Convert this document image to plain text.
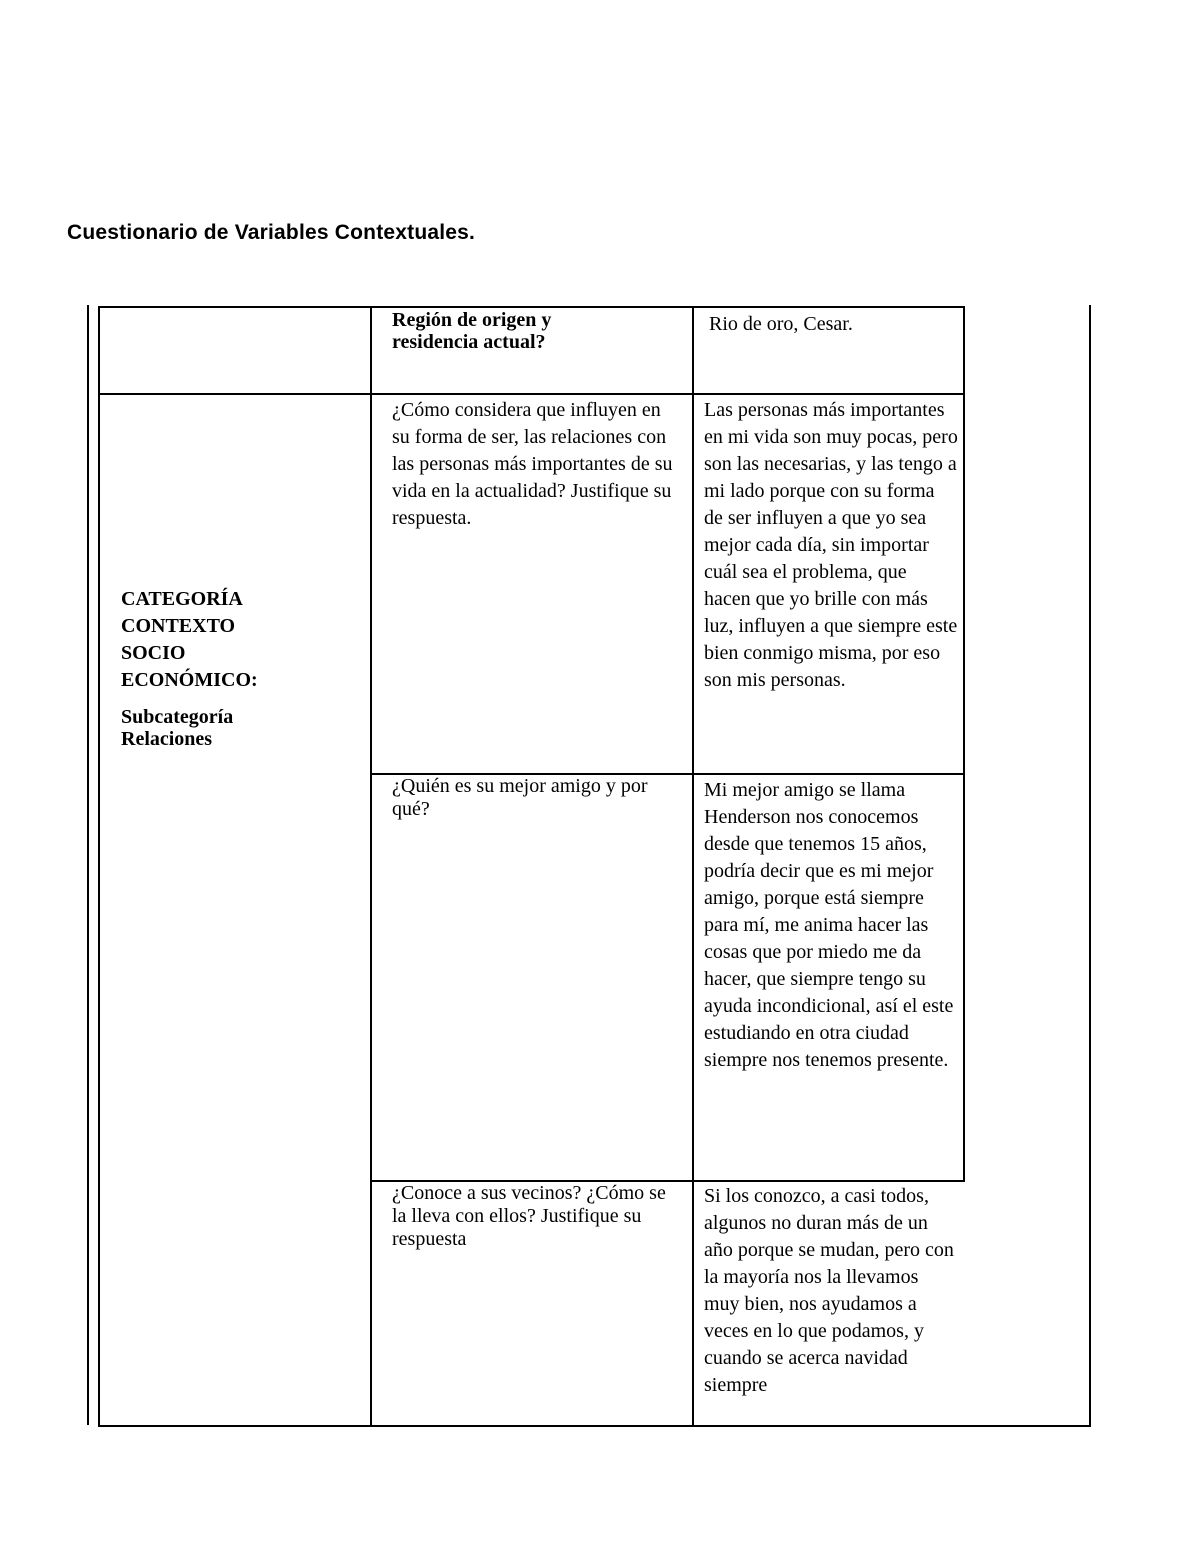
Cuestionario de Variables Contextuales.
Región de origen y residencia actual?
Rio de oro, Cesar.
CATEGORÍA
CONTEXTO
SOCIO
ECONÓMICO:
Subcategoría
Relaciones
¿Cómo considera que influyen en su forma de ser, las relaciones con las personas más importantes de su vida en la actualidad? Justifique su respuesta.
Las personas más importantes en mi vida son muy pocas, pero son las necesarias, y las tengo a mi lado porque con su forma de ser influyen a que yo sea mejor cada día, sin importar cuál sea el problema, que hacen que yo brille con más luz, influyen a que siempre este bien conmigo misma, por eso son mis personas.
¿Quién es su mejor amigo y por qué?
Mi mejor amigo se llama Henderson nos conocemos desde que tenemos 15 años, podría decir que es mi mejor amigo, porque está siempre para mí, me anima hacer las cosas que por miedo me da hacer, que siempre tengo su ayuda incondicional, así el este estudiando en otra ciudad siempre nos tenemos presente.
¿Conoce a sus vecinos? ¿Cómo se la lleva con ellos? Justifique su respuesta
Si los conozco, a casi todos, algunos no duran más de un año porque se mudan, pero con la mayoría nos la llevamos muy bien, nos ayudamos a veces en lo que podamos, y cuando se acerca navidad siempre
